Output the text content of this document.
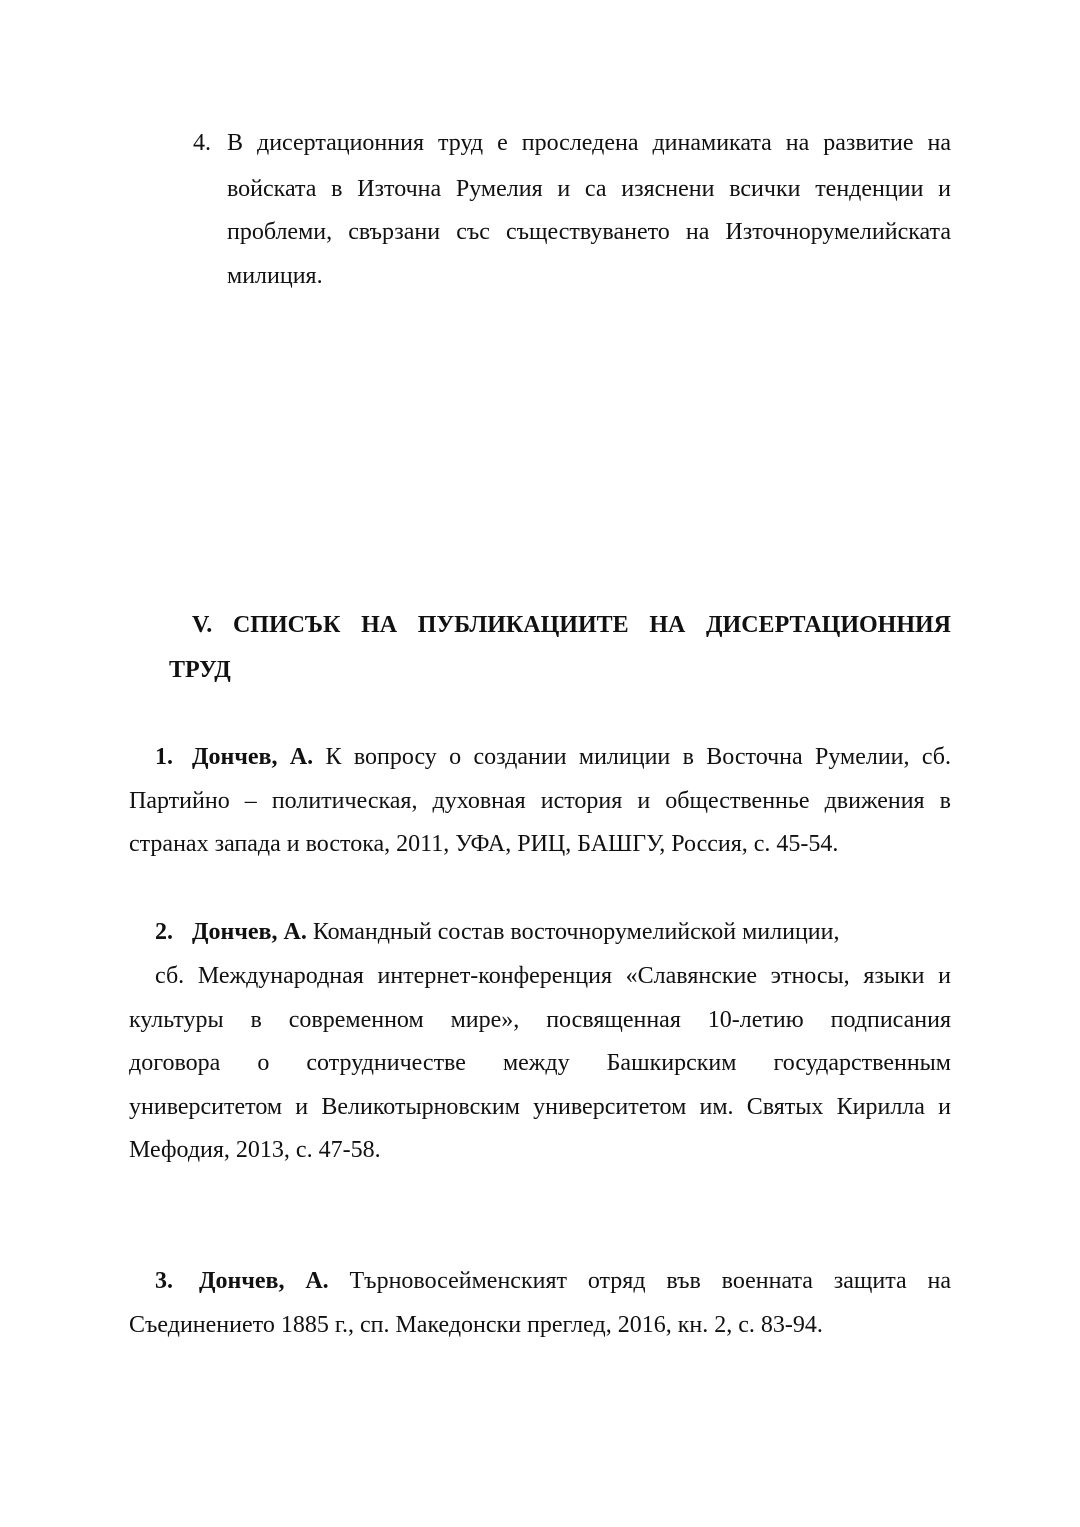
4. В дисертационния труд е проследена динамиката на развитие на
войската в Източна Румелия и са изяснени всички тенденции и
проблеми, свързани със съществуването на Източнорумелийската
милиция.
V. СПИСЪК НА ПУБЛИКАЦИИТЕ НА ДИСЕРТАЦИОННИЯ
ТРУД
1. Дончев, А. К вопросу о создании милиции в Восточна Румелии, сб.
Партийно – политическая, духовная история и общественнье движения в
странах запада и востока, 2011, УФА, РИЦ, БАШГУ, Россия, с. 45-54.
2. Дончев, А. Командный состав восточнорумелийской милиции,
сб. Международная интернет-конференция «Славянские этносы, языки и
культуры в современном мире», посвященная 10-летию подписания
договора о сотрудничестве между Башкирским государственным
университетом и Великотырновским университетом им. Святых Кирилла и
Мефодия, 2013, с. 47-58.
3. Дончев, А. Търновосейменският отряд във военната защита на
Съединението 1885 г., сп. Македонски преглед, 2016, кн. 2, с. 83-94.
